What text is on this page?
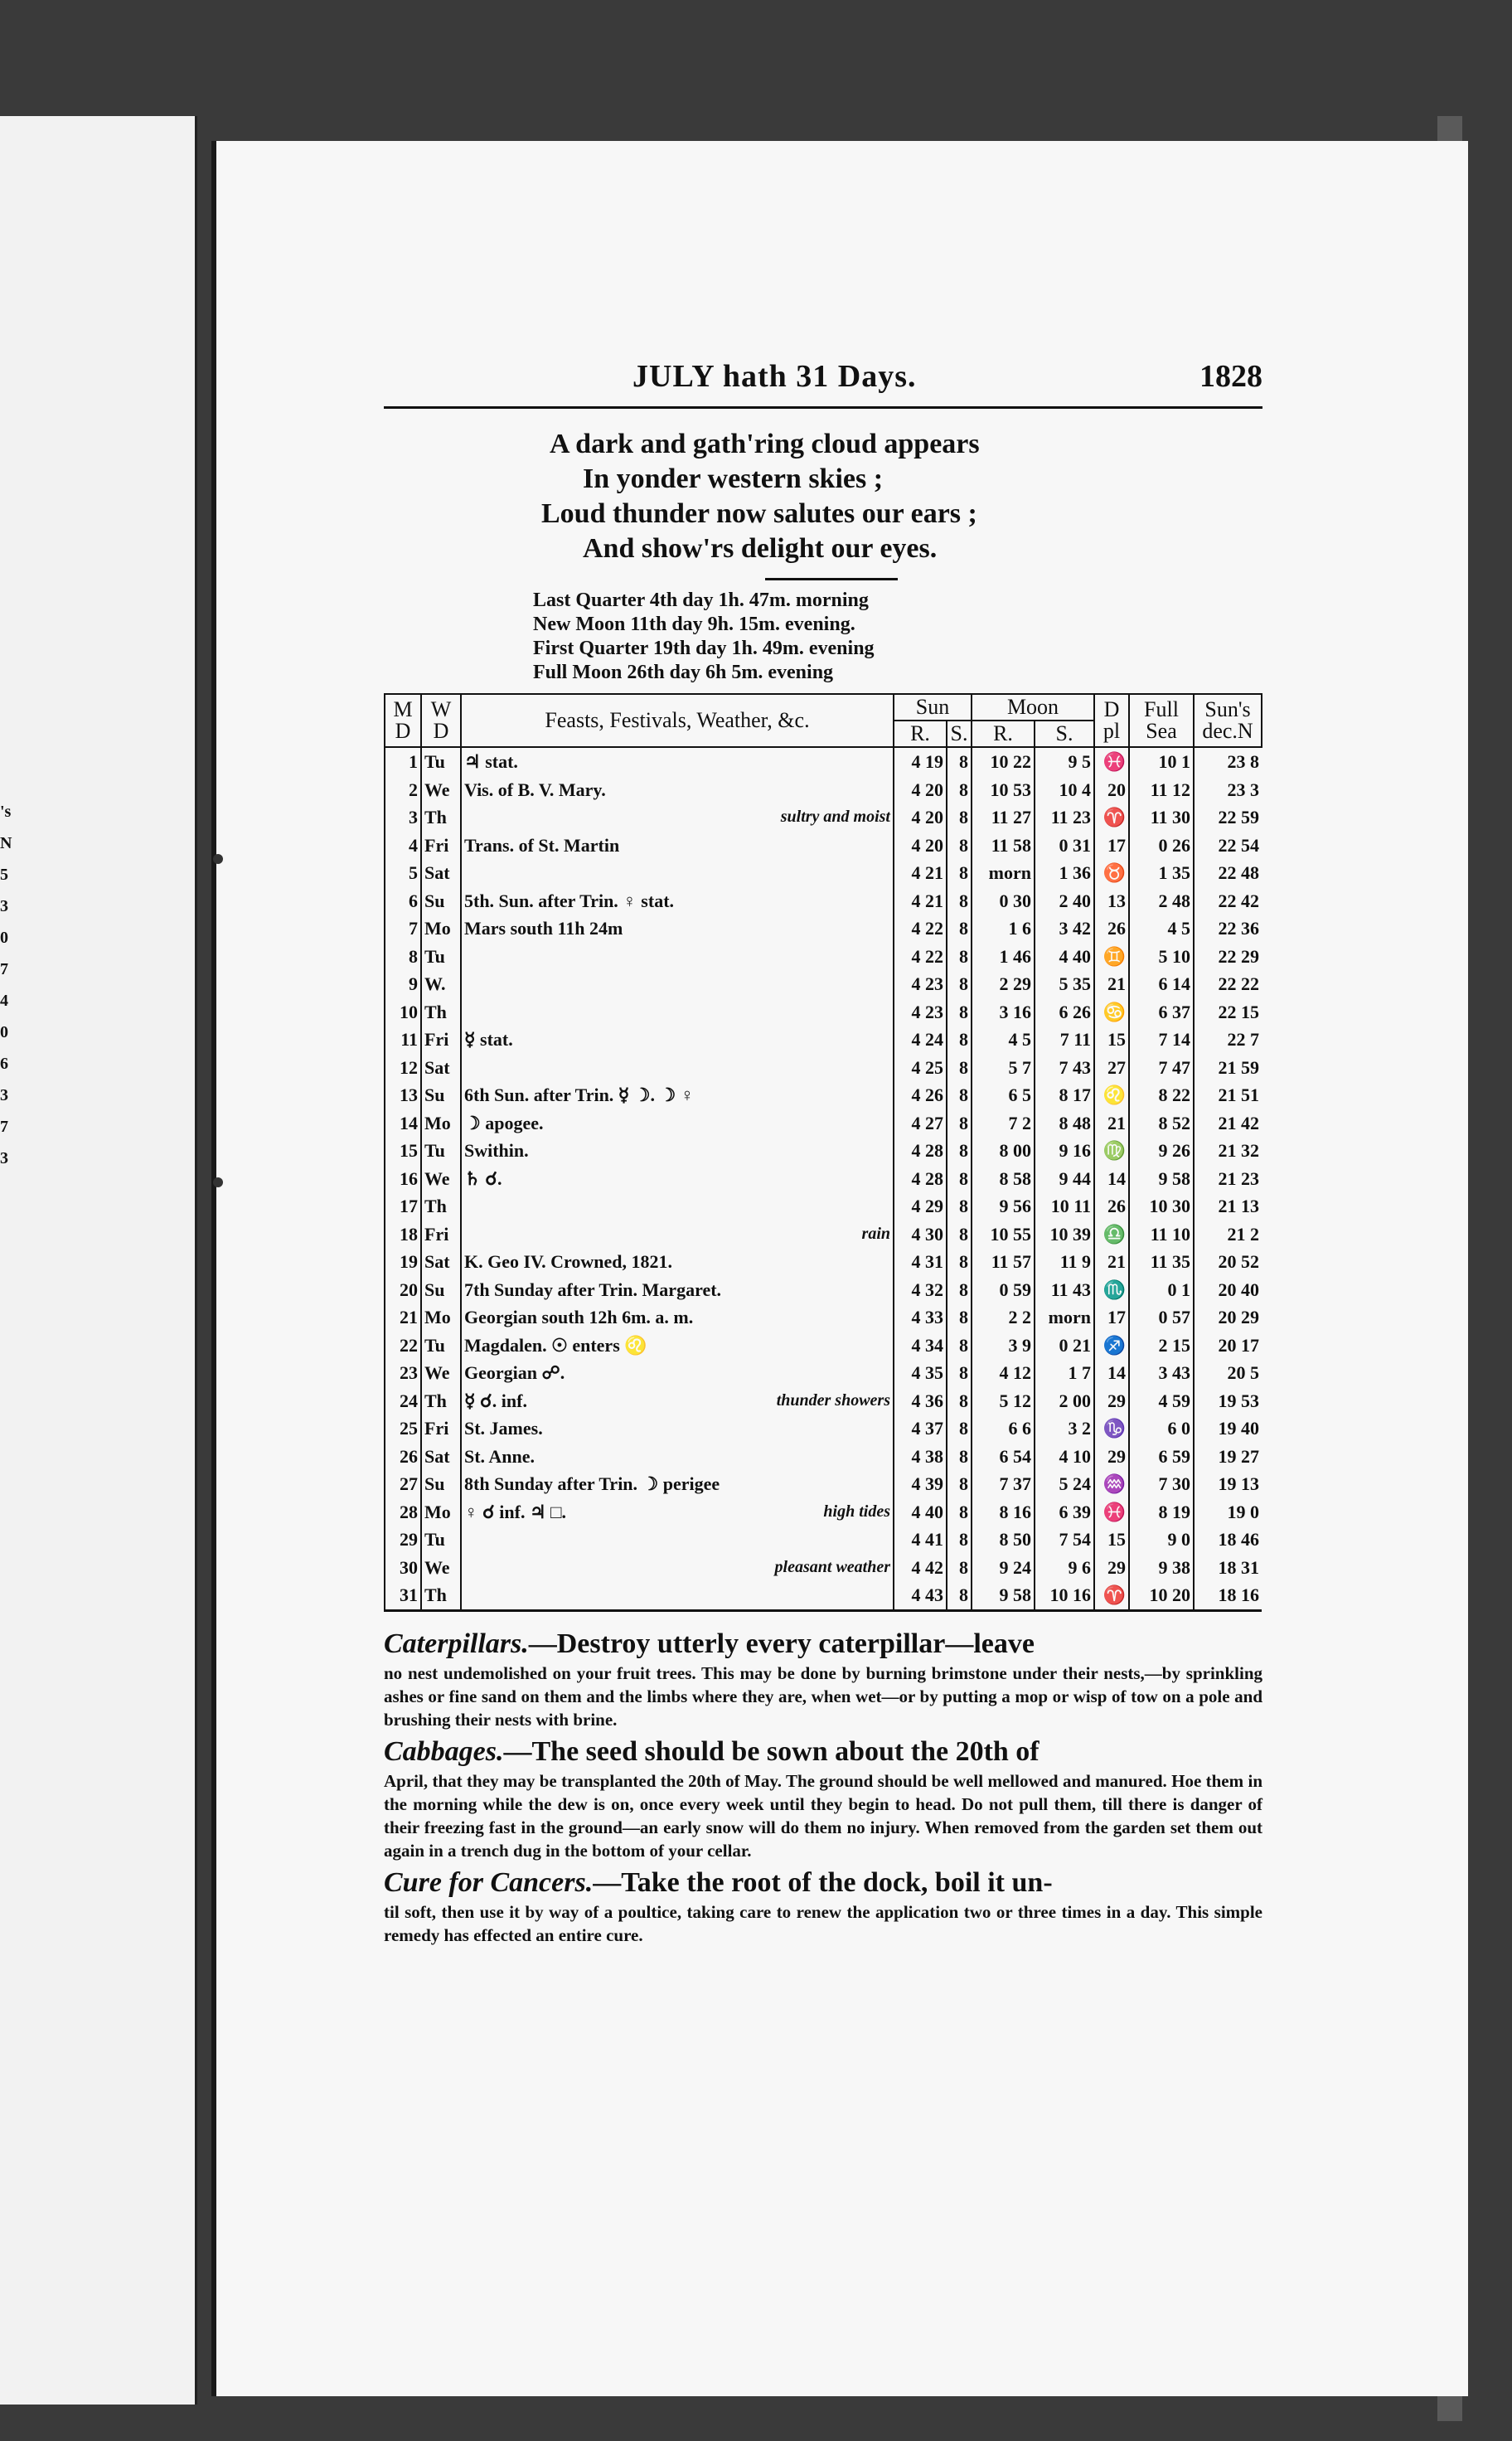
's
N
5
3
0
7
4
0
6
3
7
3
JULY hath 31 Days.	1828
A dark and gath'ring cloud appears
In yonder western skies ;
Loud thunder now salutes our ears ;
And show'rs delight our eyes.
Last Quarter 4th day 1h. 47m. morning
New Moon 11th day 9h. 15m. evening.
First Quarter 19th day 1h. 49m. evening
Full Moon 26th day 6h 5m. evening
M D	W D	Feasts, Festivals, Weather, &c.		Sun		Moon		D pl	Full Sea	Sun's dec.N
				R.	S.	R.	S.			
1	Tu	♃ stat.		4 19	8	10 22	9 5	♓	10 1	23 8
2	We	Vis. of B. V. Mary.		4 20	8	10 53	10 4	20	11 12	23 3
3	Th		sultry and moist	4 20	8	11 27	11 23	♈	11 30	22 59
4	Fri	Trans. of St. Martin		4 20	8	11 58	0 31	17	0 26	22 54
5	Sat			4 21	8	morn	1 36	♉	1 35	22 48
6	Su	5th. Sun. after Trin. ♀ stat.		4 21	8	0 30	2 40	13	2 48	22 42
7	Mo	Mars south 11h 24m		4 22	8	1 6	3 42	26	4 5	22 36
8	Tu			4 22	8	1 46	4 40	♊	5 10	22 29
9	W.			4 23	8	2 29	5 35	21	6 14	22 22
10	Th			4 23	8	3 16	6 26	♋	6 37	22 15
11	Fri	☿ stat.		4 24	8	4 5	7 11	15	7 14	22 7
12	Sat			4 25	8	5 7	7 43	27	7 47	21 59
13	Su	6th Sun. after Trin. ☿ ☽. ☽ ♀		4 26	8	6 5	8 17	♌	8 22	21 51
14	Mo	☽ apogee.		4 27	8	7 2	8 48	21	8 52	21 42
15	Tu	Swithin.		4 28	8	8 00	9 16	♍	9 26	21 32
16	We	♄ ☌.		4 28	8	8 58	9 44	14	9 58	21 23
17	Th			4 29	8	9 56	10 11	26	10 30	21 13
18	Fri		rain	4 30	8	10 55	10 39	♎	11 10	21 2
19	Sat	K. Geo IV. Crowned, 1821.		4 31	8	11 57	11 9	21	11 35	20 52
20	Su	7th Sunday after Trin. Margaret.		4 32	8	0 59	11 43	♏	0 1	20 40
21	Mo	Georgian south 12h 6m. a. m.		4 33	8	2 2	morn	17	0 57	20 29
22	Tu	Magdalen. ☉ enters ♌		4 34	8	3 9	0 21	♐	2 15	20 17
23	We	Georgian ☍.		4 35	8	4 12	1 7	14	3 43	20 5
24	Th	☿ ☌. inf.	thunder showers	4 36	8	5 12	2 00	29	4 59	19 53
25	Fri	St. James.		4 37	8	6 6	3 2	♑	6 0	19 40
26	Sat	St. Anne.		4 38	8	6 54	4 10	29	6 59	19 27
27	Su	8th Sunday after Trin. ☽ perigee		4 39	8	7 37	5 24	♒	7 30	19 13
28	Mo	♀ ☌ inf. ♃ □.	high tides	4 40	8	8 16	6 39	♓	8 19	19 0
29	Tu			4 41	8	8 50	7 54	15	9 0	18 46
30	We		pleasant weather	4 42	8	9 24	9 6	29	9 38	18 31
31	Th			4 43	8	9 58	10 16	♈	10 20	18 16

Caterpillars.—Destroy utterly every caterpillar—leave
no nest undemolished on your fruit trees. This may be done by burning brimstone under their nests,—by sprinkling ashes or fine sand on them and the limbs where they are, when wet—or by putting a mop or wisp of tow on a pole and brushing their nests with brine.

Cabbages.—The seed should be sown about the 20th of
April, that they may be transplanted the 20th of May. The ground should be well mellowed and manured. Hoe them in the morning while the dew is on, once every week until they begin to head. Do not pull them, till there is danger of their freezing fast in the ground—an early snow will do them no injury. When removed from the garden set them out again in a trench dug in the bottom of your cellar.

Cure for Cancers.—Take the root of the dock, boil it un-
til soft, then use it by way of a poultice, taking care to renew the application two or three times in a day. This simple remedy has effected an entire cure.
